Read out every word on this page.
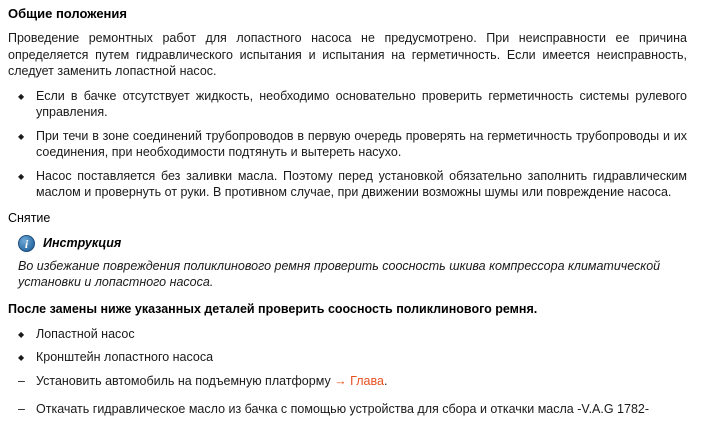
Общие положения
Проведение ремонтных работ для лопастного насоса не предусмотрено. При неисправности ее причина определяется путем гидравлического испытания и испытания на герметичность. Если имеется неисправность, следует заменить лопастной насос.
◆ Если в бачке отсутствует жидкость, необходимо основательно проверить герметичность системы рулевого управления.
◆ При течи в зоне соединений трубопроводов в первую очередь проверять на герметичность трубопроводы и их соединения, при необходимости подтянуть и вытереть насухо.
◆ Насос поставляется без заливки масла. Поэтому перед установкой обязательно заполнить гидравлическим маслом и провернуть от руки. В противном случае, при движении возможны шумы или повреждение насоса.
Снятие
i	Инструкция
Во избежание повреждения поликлинового ремня проверить соосность шкива компрессора климатической установки и лопастного насоса.
После замены ниже указанных деталей проверить соосность поликлинового ремня.
◆ Лопастной насос
◆ Кронштейн лопастного насоса
– Установить автомобиль на подъемную платформу → Глава.
– Откачать гидравлическое масло из бачка с помощью устройства для сбора и откачки масла -V.A.G 1782-
